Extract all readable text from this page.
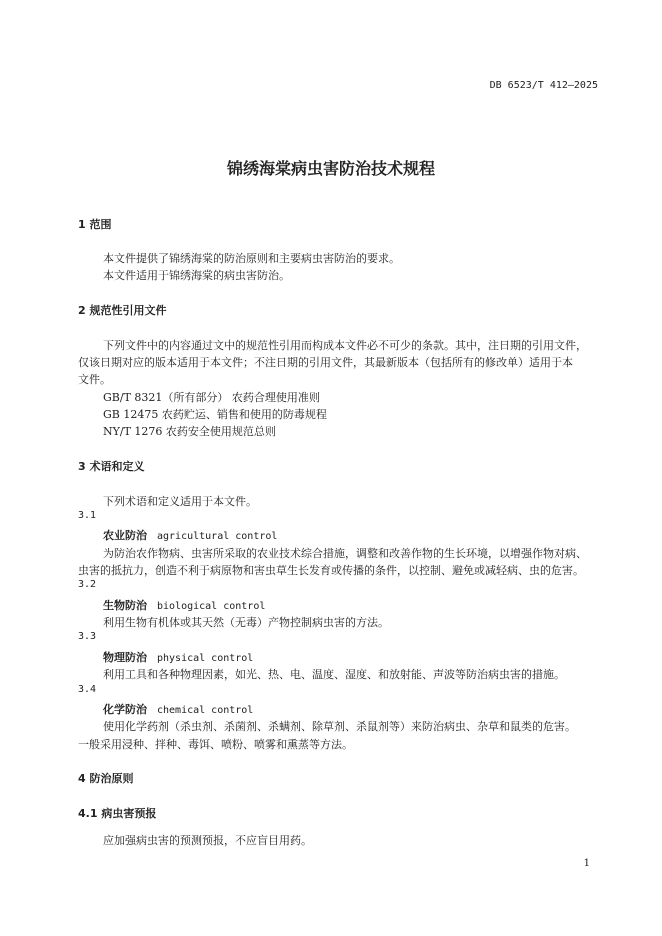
DB 6523/T 412—2025
锦绣海棠病虫害防治技术规程
1 范围
本文件提供了锦绣海棠的防治原则和主要病虫害防治的要求。
本文件适用于锦绣海棠的病虫害防治。
2 规范性引用文件
下列文件中的内容通过文中的规范性引用而构成本文件必不可少的条款。其中，注日期的引用文件，
仅该日期对应的版本适用于本文件；不注日期的引用文件，其最新版本（包括所有的修改单）适用于本
文件。
GB/T 8321（所有部分） 农药合理使用准则
GB 12475 农药贮运、销售和使用的防毒规程
NY/T 1276 农药安全使用规范总则
3 术语和定义
下列术语和定义适用于本文件。
3.1
农业防治 agricultural control
为防治农作物病、虫害所采取的农业技术综合措施，调整和改善作物的生长环境，以增强作物对病、
虫害的抵抗力，创造不利于病原物和害虫草生长发育或传播的条件，以控制、避免或减轻病、虫的危害。
3.2
生物防治 biological control
利用生物有机体或其天然（无毒）产物控制病虫害的方法。
3.3
物理防治 physical control
利用工具和各种物理因素，如光、热、电、温度、湿度、和放射能、声波等防治病虫害的措施。
3.4
化学防治 chemical control
使用化学药剂（杀虫剂、杀菌剂、杀螨剂、除草剂、杀鼠剂等）来防治病虫、杂草和鼠类的危害。
一般采用浸种、拌种、毒饵、喷粉、喷雾和熏蒸等方法。
4 防治原则
4.1 病虫害预报
应加强病虫害的预测预报，不应盲目用药。
1
